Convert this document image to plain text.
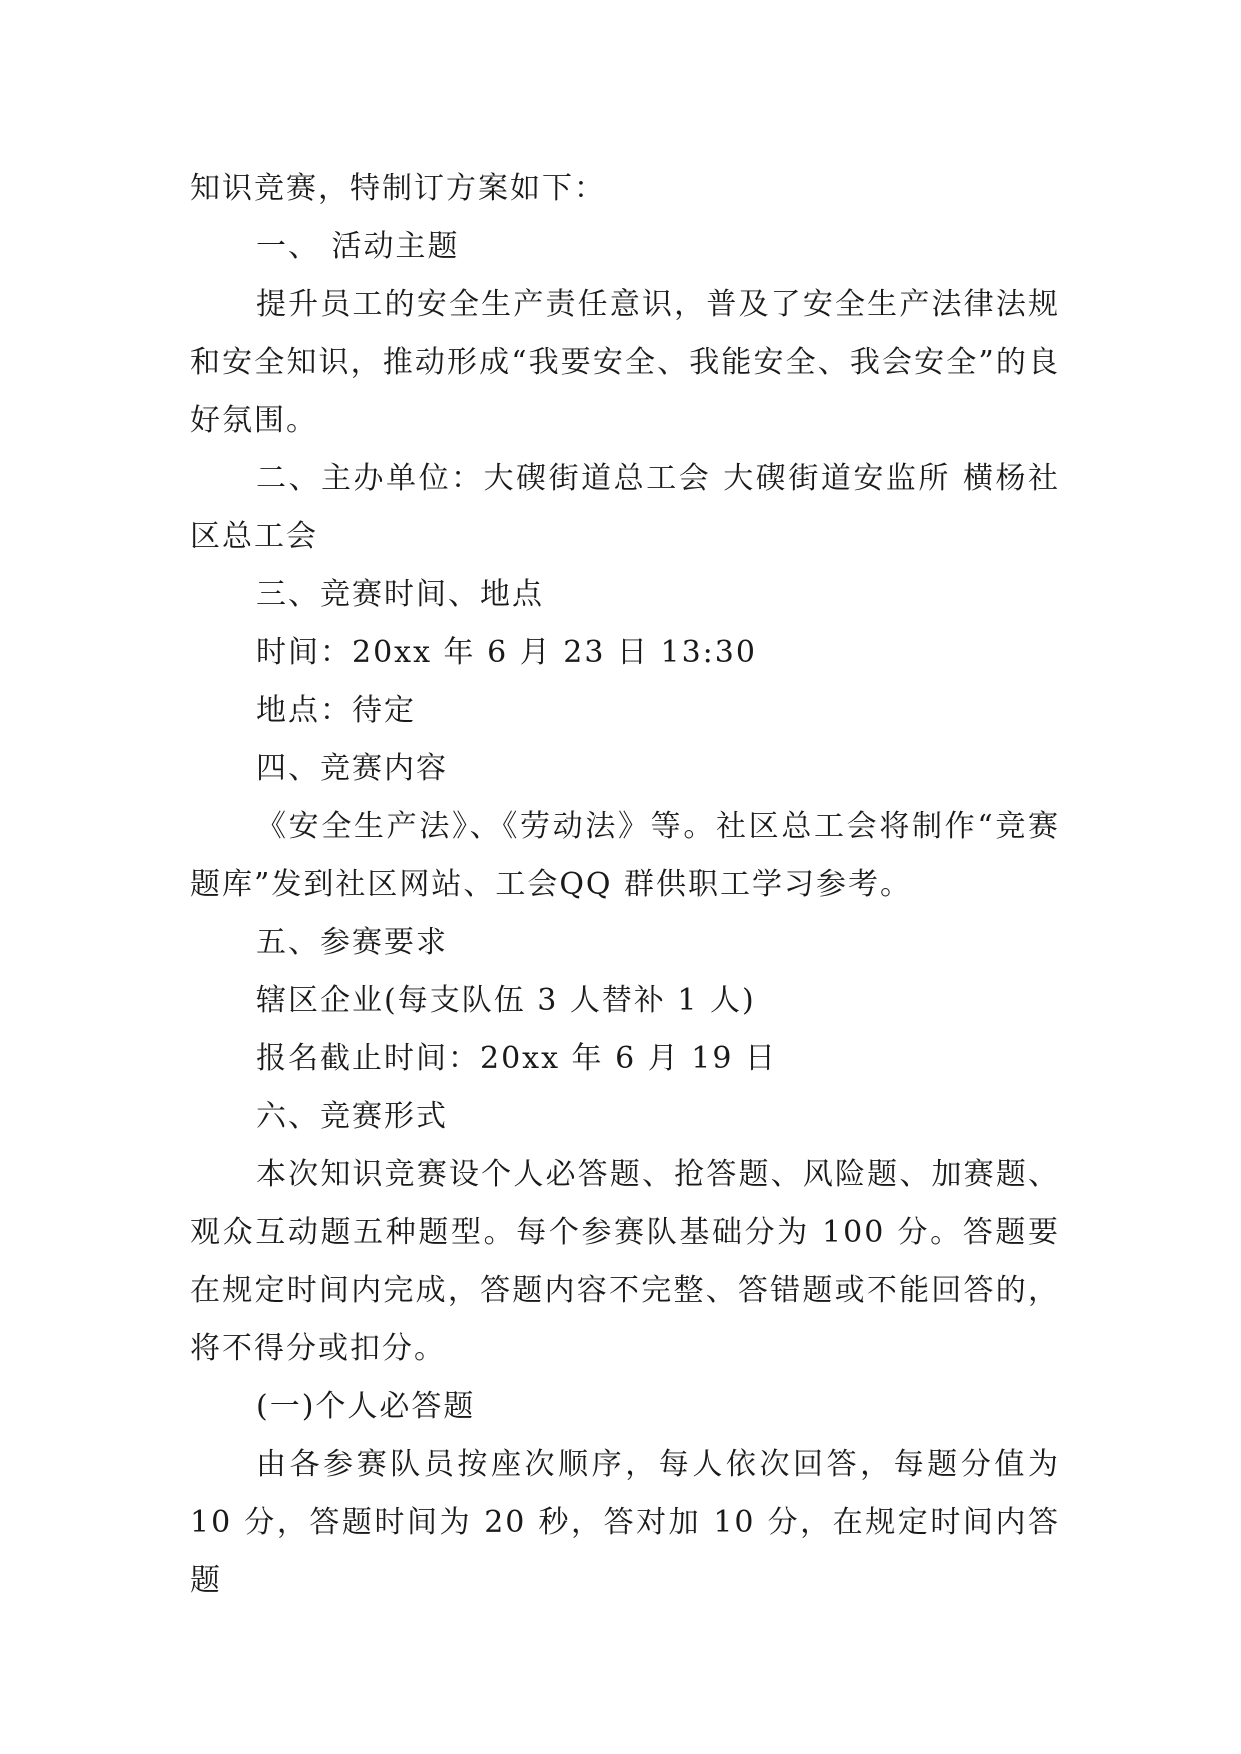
知识竞赛，特制订方案如下：

一、 活动主题

提升员工的安全生产责任意识，普及了安全生产法律法规和安全知识，推动形成“我要安全、我能安全、我会安全”的良好氛围。

二、主办单位：大碶街道总工会 大碶街道安监所 横杨社区总工会

三、竞赛时间、地点

时间：20xx 年 6 月 23 日 13:30

地点：待定

四、竞赛内容

《安全生产法》、《劳动法》等。社区总工会将制作“竞赛题库”发到社区网站、工会QQ 群供职工学习参考。

五、参赛要求

辖区企业(每支队伍 3 人替补 1 人)

报名截止时间：20xx 年 6 月 19 日

六、竞赛形式

本次知识竞赛设个人必答题、抢答题、风险题、加赛题、观众互动题五种题型。每个参赛队基础分为 100 分。答题要在规定时间内完成，答题内容不完整、答错题或不能回答的，将不得分或扣分。

(一)个人必答题

由各参赛队员按座次顺序，每人依次回答，每题分值为10 分，答题时间为 20 秒，答对加 10 分，在规定时间内答题
